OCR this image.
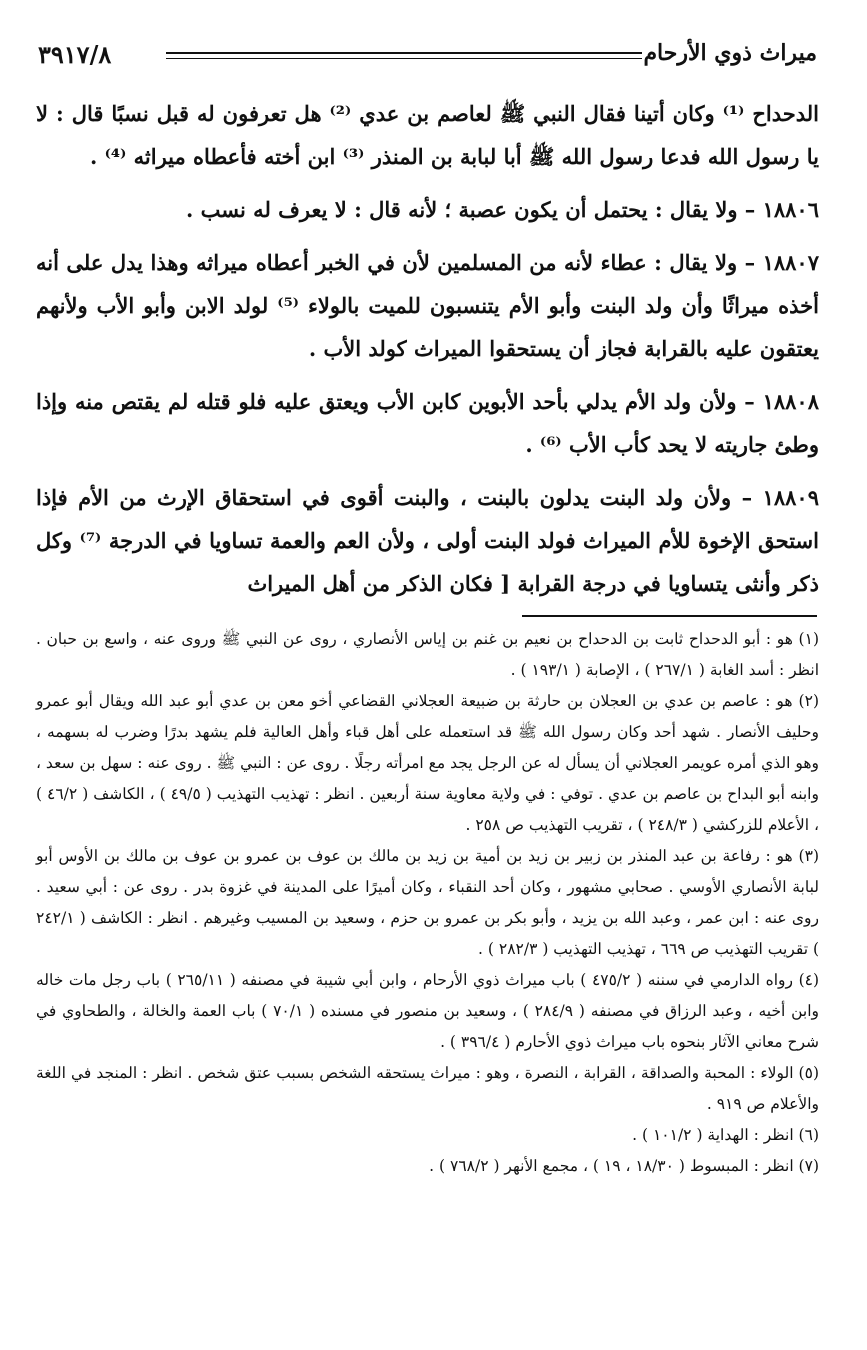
ميراث ذوي الأرحام
٣٩١٧/٨

الدحداح ⁽¹⁾ وكان أتينا فقال النبي ﷺ لعاصم بن عدي ⁽²⁾ هل تعرفون له قبل نسبًا قال : لا يا رسول الله فدعا رسول الله ﷺ أبا لبابة بن المنذر ⁽³⁾ ابن أخته فأعطاه ميراثه ⁽⁴⁾ .

١٨٨٠٦ – ولا يقال : يحتمل أن يكون عصبة ؛ لأنه قال : لا يعرف له نسب .

١٨٨٠٧ – ولا يقال : عطاء لأنه من المسلمين لأن في الخبر أعطاه ميراثه وهذا يدل على أنه أخذه ميراثًا وأن ولد البنت وأبو الأم يتنسبون للميت بالولاء ⁽⁵⁾ لولد الابن وأبو الأب ولأنهم يعتقون عليه بالقرابة فجاز أن يستحقوا الميراث كولد الأب .

١٨٨٠٨ – ولأن ولد الأم يدلي بأحد الأبوين كابن الأب ويعتق عليه فلو قتله لم يقتص منه وإذا وطئ جاريته لا يحد كأب الأب ⁽⁶⁾ .

١٨٨٠٩ – ولأن ولد البنت يدلون بالبنت ، والبنت أقوى في استحقاق الإرث من الأم فإذا استحق الإخوة للأم الميراث فولد البنت أولى ، ولأن العم والعمة تساويا في الدرجة ⁽⁷⁾ وكل ذكر وأنثى يتساويا في درجة القرابة [ فكان الذكر من أهل الميراث

(١) هو : أبو الدحداح ثابت بن الدحداح بن نعيم بن غنم بن إياس الأنصاري ، روى عن النبي ﷺ وروى عنه ، واسع بن حبان . انظر : أسد الغابة ( ٢٦٧/١ ) ، الإصابة ( ١٩٣/١ ) .

(٢) هو : عاصم بن عدي بن العجلان بن حارثة بن ضبيعة العجلاني القضاعي أخو معن بن عدي أبو عبد الله ويقال أبو عمرو وحليف الأنصار . شهد أحد وكان رسول الله ﷺ قد استعمله على أهل قباء وأهل العالية فلم يشهد بدرًا وضرب له بسهمه ، وهو الذي أمره عويمر العجلاني أن يسأل له عن الرجل يجد مع امرأته رجلًا . روى عن : النبي ﷺ . روى عنه : سهل بن سعد ، وابنه أبو البداح بن عاصم بن عدي . توفي : في ولاية معاوية سنة أربعين . انظر : تهذيب التهذيب ( ٤٩/٥ ) ، الكاشف ( ٤٦/٢ ) ، الأعلام للزركشي ( ٢٤٨/٣ ) ، تقريب التهذيب ص ٢٥٨ .

(٣) هو : رفاعة بن عبد المنذر بن زبير بن زيد بن أمية بن زيد بن مالك بن عوف بن عمرو بن عوف بن مالك بن الأوس أبو لبابة الأنصاري الأوسي . صحابي مشهور ، وكان أحد النقباء ، وكان أميرًا على المدينة في غزوة بدر . روى عن : أبي سعيد . روى عنه : ابن عمر ، وعبد الله بن يزيد ، وأبو بكر بن عمرو بن حزم ، وسعيد بن المسيب وغيرهم . انظر : الكاشف ( ٢٤٢/١ ) تقريب التهذيب ص ٦٦٩ ، تهذيب التهذيب ( ٢٨٢/٣ ) .

(٤) رواه الدارمي في سننه ( ٤٧٥/٢ ) باب ميراث ذوي الأرحام ، وابن أبي شيبة في مصنفه ( ٢٦٥/١١ ) باب رجل مات خاله وابن أخيه ، وعبد الرزاق في مصنفه ( ٢٨٤/٩ ) ، وسعيد بن منصور في مسنده ( ٧٠/١ ) باب العمة والخالة ، والطحاوي في شرح معاني الآثار بنحوه باب ميراث ذوي الأحارم ( ٣٩٦/٤ ) .

(٥) الولاء : المحبة والصداقة ، القرابة ، النصرة ، وهو : ميراث يستحقه الشخص بسبب عتق شخص . انظر : المنجد في اللغة والأعلام ص ٩١٩ .

(٦) انظر : الهداية ( ١٠١/٢ ) .

(٧) انظر : المبسوط ( ١٨/٣٠ ، ١٩ ) ، مجمع الأنهر ( ٧٦٨/٢ ) .
